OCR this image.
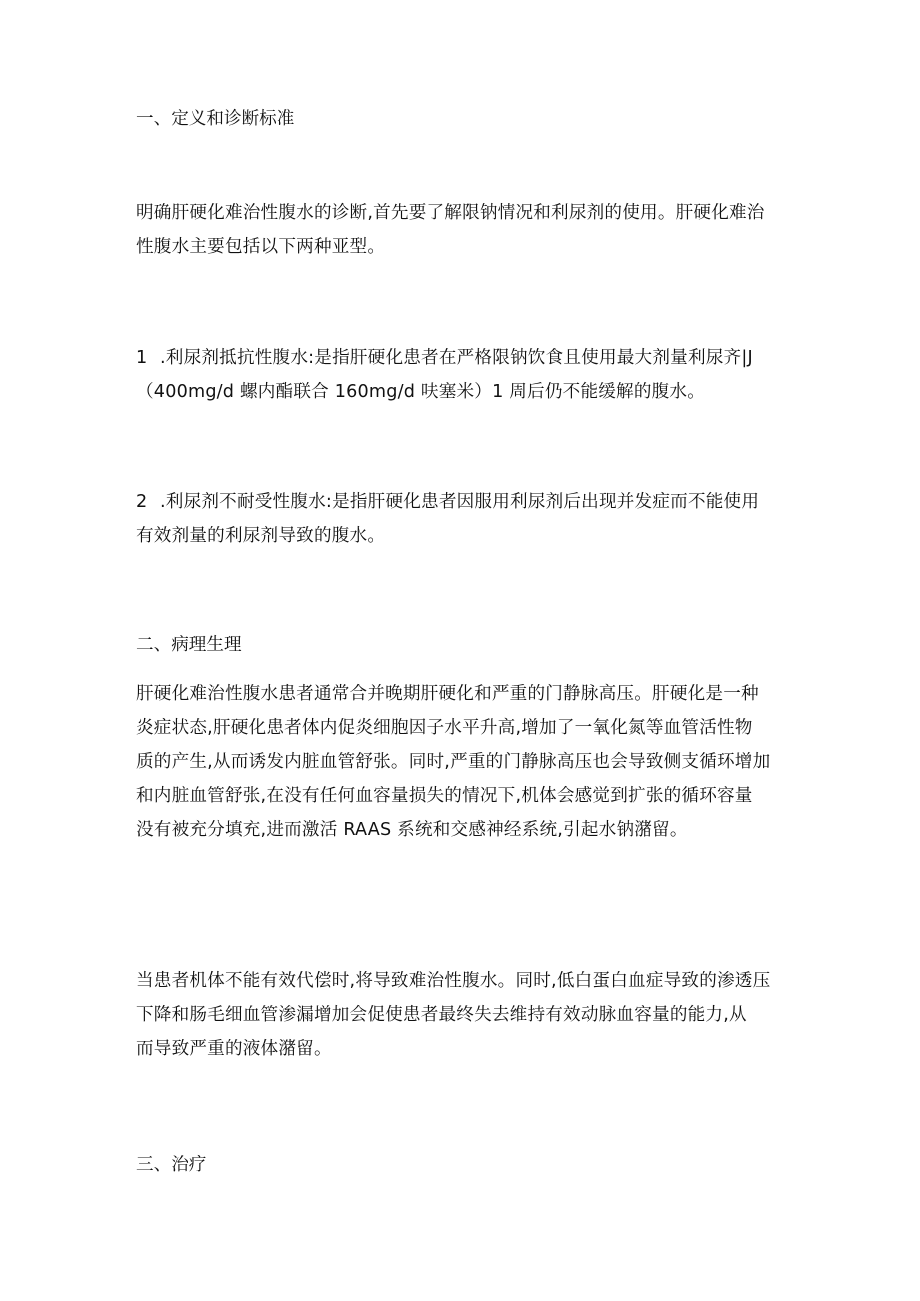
一、定义和诊断标准

明确肝硬化难治性腹水的诊断,首先要了解限钠情况和利尿剂的使用。肝硬化难治
性腹水主要包括以下两种亚型。

1 .利尿剂抵抗性腹水:是指肝硬化患者在严格限钠饮食且使用最大剂量利尿齐|J
（400mg/d 螺内酯联合 160mg/d 呋塞米）1 周后仍不能缓解的腹水。

2 .利尿剂不耐受性腹水:是指肝硬化患者因服用利尿剂后出现并发症而不能使用
有效剂量的利尿剂导致的腹水。

二、病理生理

肝硬化难治性腹水患者通常合并晚期肝硬化和严重的门静脉高压。肝硬化是一种
炎症状态,肝硬化患者体内促炎细胞因子水平升高,增加了一氧化氮等血管活性物
质的产生,从而诱发内脏血管舒张。同时,严重的门静脉高压也会导致侧支循环增加
和内脏血管舒张,在没有任何血容量损失的情况下,机体会感觉到扩张的循环容量
没有被充分填充,进而激活 RAAS 系统和交感神经系统,引起水钠潴留。

当患者机体不能有效代偿时,将导致难治性腹水。同时,低白蛋白血症导致的渗透压
下降和肠毛细血管渗漏增加会促使患者最终失去维持有效动脉血容量的能力,从
而导致严重的液体潴留。

三、治疗
